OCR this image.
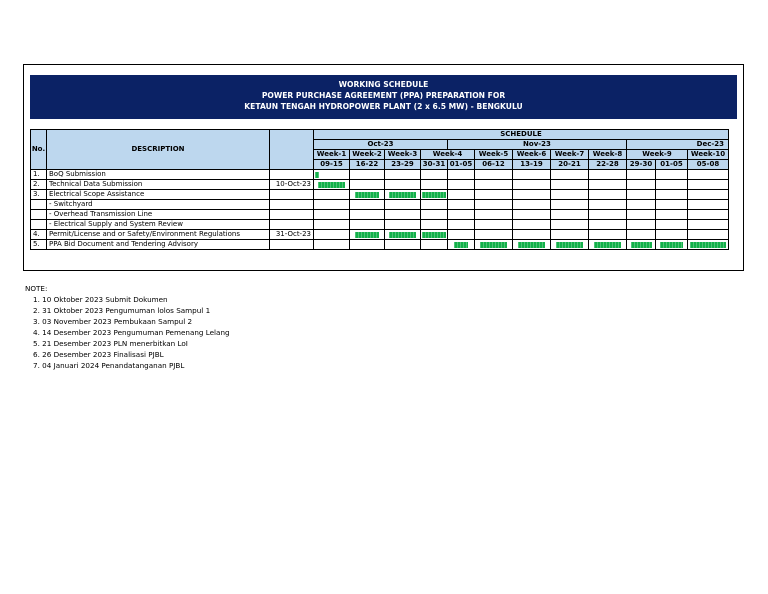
WORKING SCHEDULE
POWER PURCHASE AGREEMENT (PPA) PREPARATION FOR
KETAUN TENGAH HYDROPOWER PLANT (2 x 6.5 MW) - BENGKULU
No.	DESCRIPTION		SCHEDULE											
			Oct-23				Nov-23					Dec-23		
			Week-1	Week-2	Week-3	Week-4		Week-5	Week-6	Week-7	Week-8	Week-9		Week-10
			09-15	16-22	23-29	30-31	01-05	06-12	13-19	20-21	22-28	29-30	01-05	05-08
1.	BoQ Submission		

2.	Technical Data Submission	10-Oct-23	

3.	Electrical Scope Assistance			

	- Switchyard													
	- Overhead Transmission Line													
	- Electrical Supply and System Review													
4.	Permit/License and or Safety/Environment Regulations	31-Oct-23		

5.	PPA Bid Document and Tendering Advisory						

NOTE:
1. 10 Oktober 2023 Submit Dokumen
2. 31 Oktober 2023 Pengumuman lolos Sampul 1
3. 03 November 2023 Pembukaan Sampul 2
4. 14 Desember 2023 Pengumuman Pemenang Lelang
5. 21 Desember 2023 PLN menerbitkan LoI
6. 26 Desember 2023 Finalisasi PJBL
7. 04 Januari 2024 Penandatanganan PJBL
